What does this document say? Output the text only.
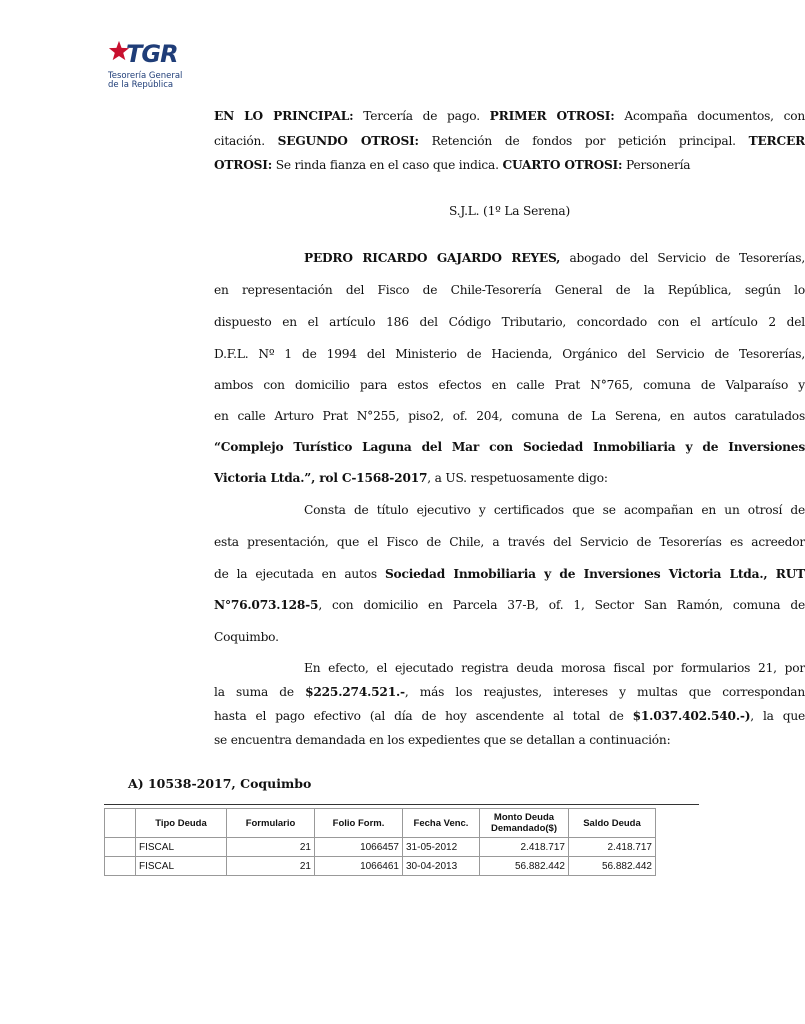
TGR
Tesorería General
de la República
EN LO PRINCIPAL: Tercería de pago. PRIMER OTROSI: Acompaña documentos, con
citación. SEGUNDO OTROSI: Retención de fondos por petición principal. TERCER
OTROSI: Se rinda fianza en el caso que indica. CUARTO OTROSI: Personería
S.J.L. (1º La Serena)
PEDRO RICARDO GAJARDO REYES, abogado del Servicio de Tesorerías,
en representación del Fisco de Chile-Tesorería General de la República, según lo
dispuesto en el artículo 186 del Código Tributario, concordado con el artículo 2 del
D.F.L. Nº 1 de 1994 del Ministerio de Hacienda, Orgánico del Servicio de Tesorerías,
ambos con domicilio para estos efectos en calle Prat N°765, comuna de Valparaíso y
en calle Arturo Prat N°255, piso2, of. 204, comuna de La Serena, en autos caratulados
“Complejo Turístico Laguna del Mar con Sociedad Inmobiliaria y de Inversiones
Victoria Ltda.”, rol C-1568-2017, a US. respetuosamente digo:
Consta de título ejecutivo y certificados que se acompañan en un otrosí de
esta presentación, que el Fisco de Chile, a través del Servicio de Tesorerías es acreedor
de la ejecutada en autos Sociedad Inmobiliaria y de Inversiones Victoria Ltda., RUT
N°76.073.128-5, con domicilio en Parcela 37-B, of. 1, Sector San Ramón, comuna de
Coquimbo.
En efecto, el ejecutado registra deuda morosa fiscal por formularios 21, por
la suma de $225.274.521.-, más los reajustes, intereses y multas que correspondan
hasta el pago efectivo (al día de hoy ascendente al total de $1.037.402.540.-), la que
se encuentra demandada en los expedientes que se detallan a continuación:
A) 10538-2017, Coquimbo
	Tipo Deuda	Formulario	Folio Form.	Fecha Venc.	Monto Deuda Demandado($)	Saldo Deuda
	FISCAL	21	1066457	31-05-2012	2.418.717	2.418.717
	FISCAL	21	1066461	30-04-2013	56.882.442	56.882.442
